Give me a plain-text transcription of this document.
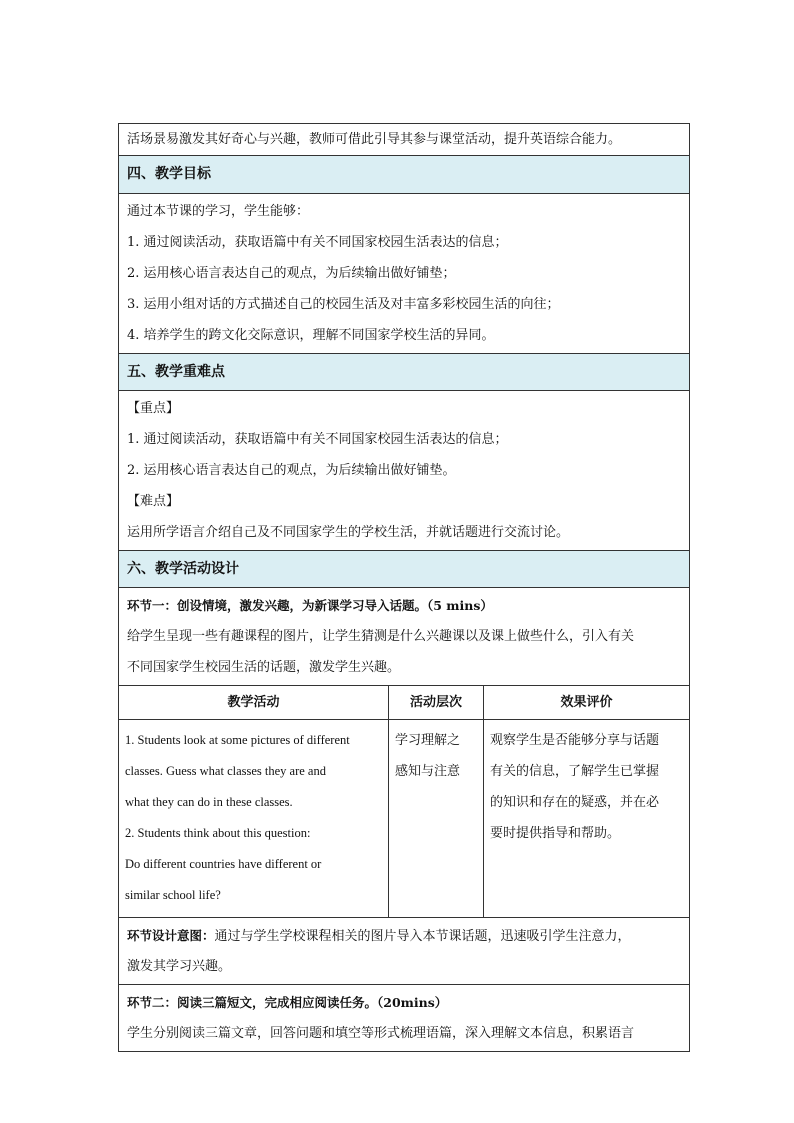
活场景易激发其好奇心与兴趣，教师可借此引导其参与课堂活动，提升英语综合能力。
四、教学目标
通过本节课的学习，学生能够：
1. 通过阅读活动，获取语篇中有关不同国家校园生活表达的信息；
2. 运用核心语言表达自己的观点，为后续输出做好铺垫；
3. 运用小组对话的方式描述自己的校园生活及对丰富多彩校园生活的向往；
4. 培养学生的跨文化交际意识，理解不同国家学校生活的异同。
五、教学重难点
【重点】
1. 通过阅读活动，获取语篇中有关不同国家校园生活表达的信息；
2. 运用核心语言表达自己的观点，为后续输出做好铺垫。
【难点】
运用所学语言介绍自己及不同国家学生的学校生活，并就话题进行交流讨论。
六、教学活动设计
环节一：创设情境，激发兴趣，为新课学习导入话题。（5 mins）
给学生呈现一些有趣课程的图片，让学生猜测是什么兴趣课以及课上做些什么，引入有关
不同国家学生校园生活的话题，激发学生兴趣。
教学活动	活动层次	效果评价

1. Students look at some pictures of different

classes. Guess what classes they are and

what they can do in these classes.

2. Students think about this question:

Do different countries have different or

similar school life?

学习理解之

感知与注意

观察学生是否能够分享与话题

有关的信息，了解学生已掌握

的知识和存在的疑惑，并在必

要时提供指导和帮助。

环节设计意图：通过与学生学校课程相关的图片导入本节课话题，迅速吸引学生注意力，
激发其学习兴趣。
环节二：阅读三篇短文，完成相应阅读任务。（20mins）
学生分别阅读三篇文章，回答问题和填空等形式梳理语篇，深入理解文本信息，积累语言
